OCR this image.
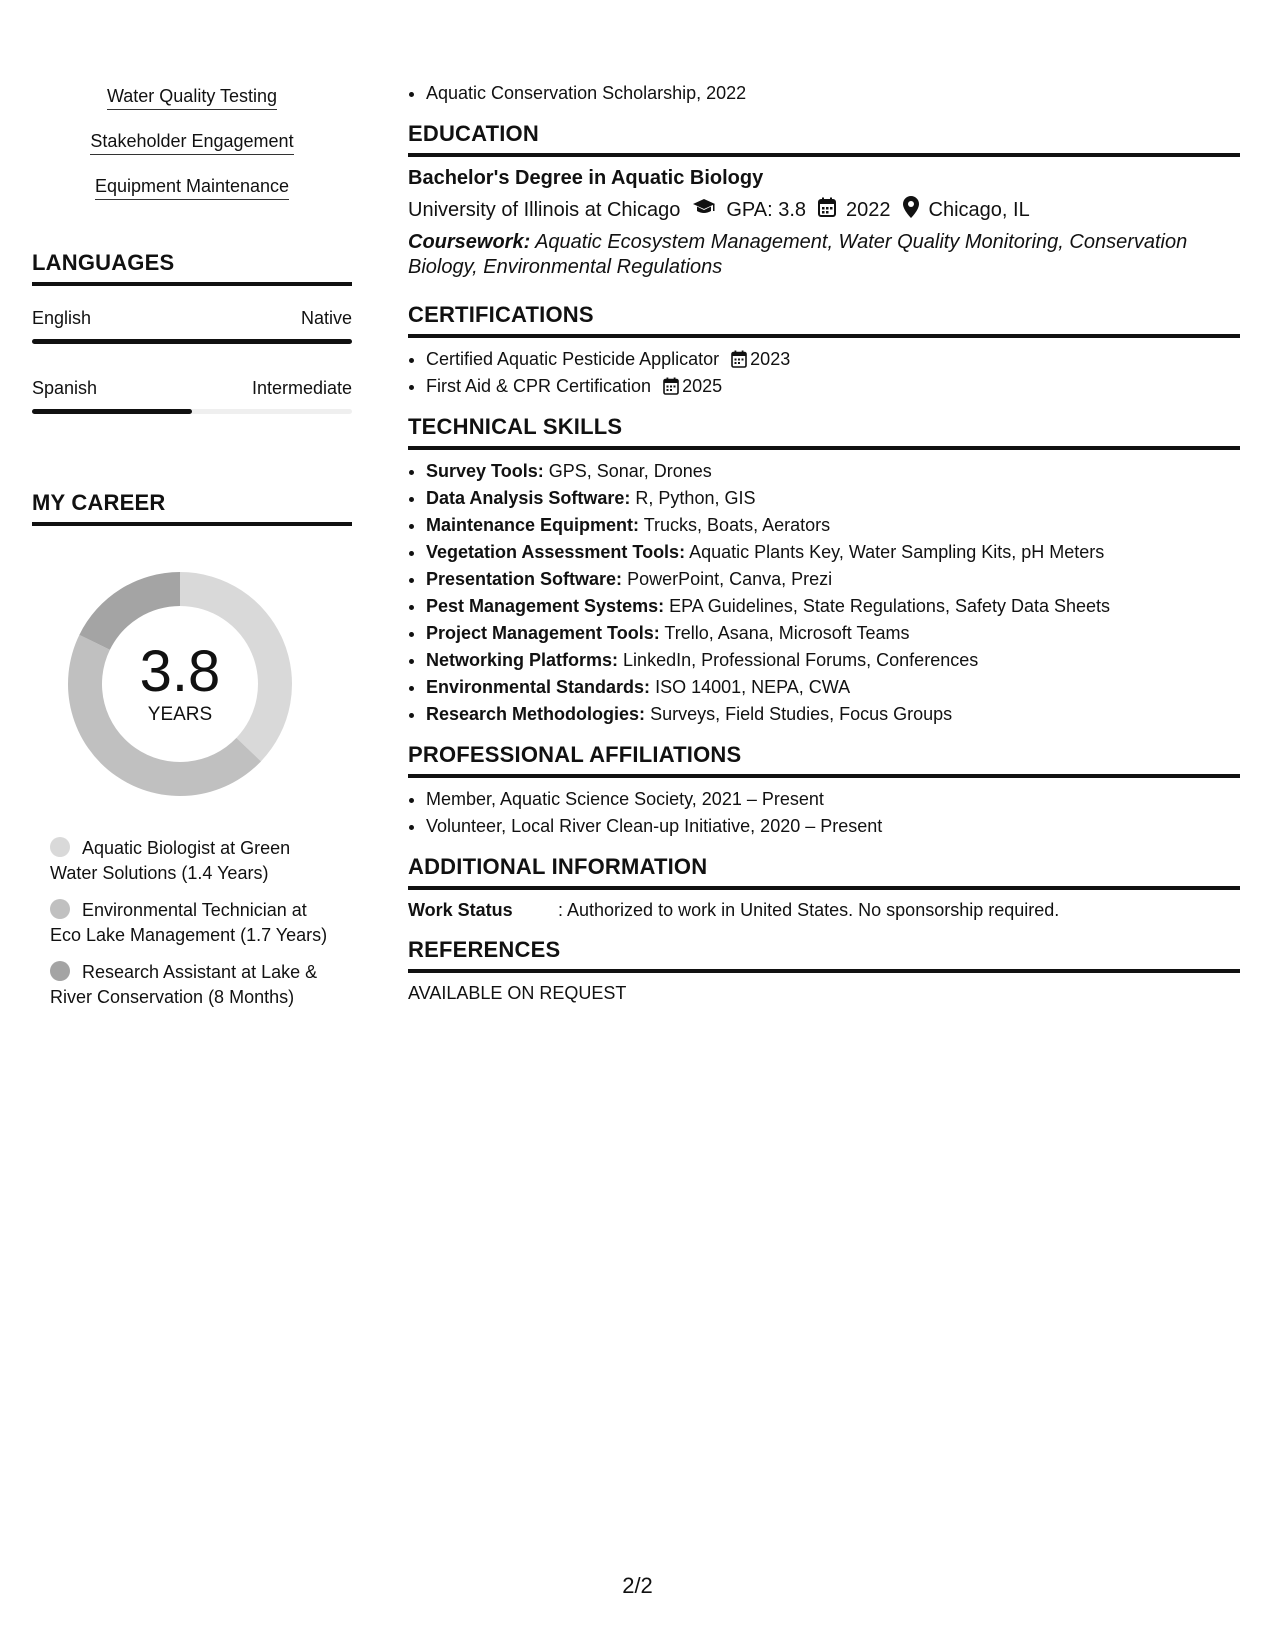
Water Quality Testing
Stakeholder Engagement
Equipment Maintenance
LANGUAGES
English	Native
Spanish	Intermediate
MY CAREER
3.8
YEARS
Aquatic Biologist at Green Water Solutions (1.4 Years)
Environmental Technician at Eco Lake Management (1.7 Years)
Research Assistant at Lake & River Conservation (8 Months)
• Aquatic Conservation Scholarship, 2022
EDUCATION
Bachelor's Degree in Aquatic Biology
University of Illinois at Chicago GPA: 3.8 2022 Chicago, IL
Coursework: Aquatic Ecosystem Management, Water Quality Monitoring, Conservation Biology, Environmental Regulations
CERTIFICATIONS
• Certified Aquatic Pesticide Applicator 2023
• First Aid & CPR Certification 2025
TECHNICAL SKILLS
• Survey Tools: GPS, Sonar, Drones
• Data Analysis Software: R, Python, GIS
• Maintenance Equipment: Trucks, Boats, Aerators
• Vegetation Assessment Tools: Aquatic Plants Key, Water Sampling Kits, pH Meters
• Presentation Software: PowerPoint, Canva, Prezi
• Pest Management Systems: EPA Guidelines, State Regulations, Safety Data Sheets
• Project Management Tools: Trello, Asana, Microsoft Teams
• Networking Platforms: LinkedIn, Professional Forums, Conferences
• Environmental Standards: ISO 14001, NEPA, CWA
• Research Methodologies: Surveys, Field Studies, Focus Groups
PROFESSIONAL AFFILIATIONS
• Member, Aquatic Science Society, 2021 – Present
• Volunteer, Local River Clean-up Initiative, 2020 – Present
ADDITIONAL INFORMATION
Work Status	: Authorized to work in United States. No sponsorship required.
REFERENCES
AVAILABLE ON REQUEST
2/2
